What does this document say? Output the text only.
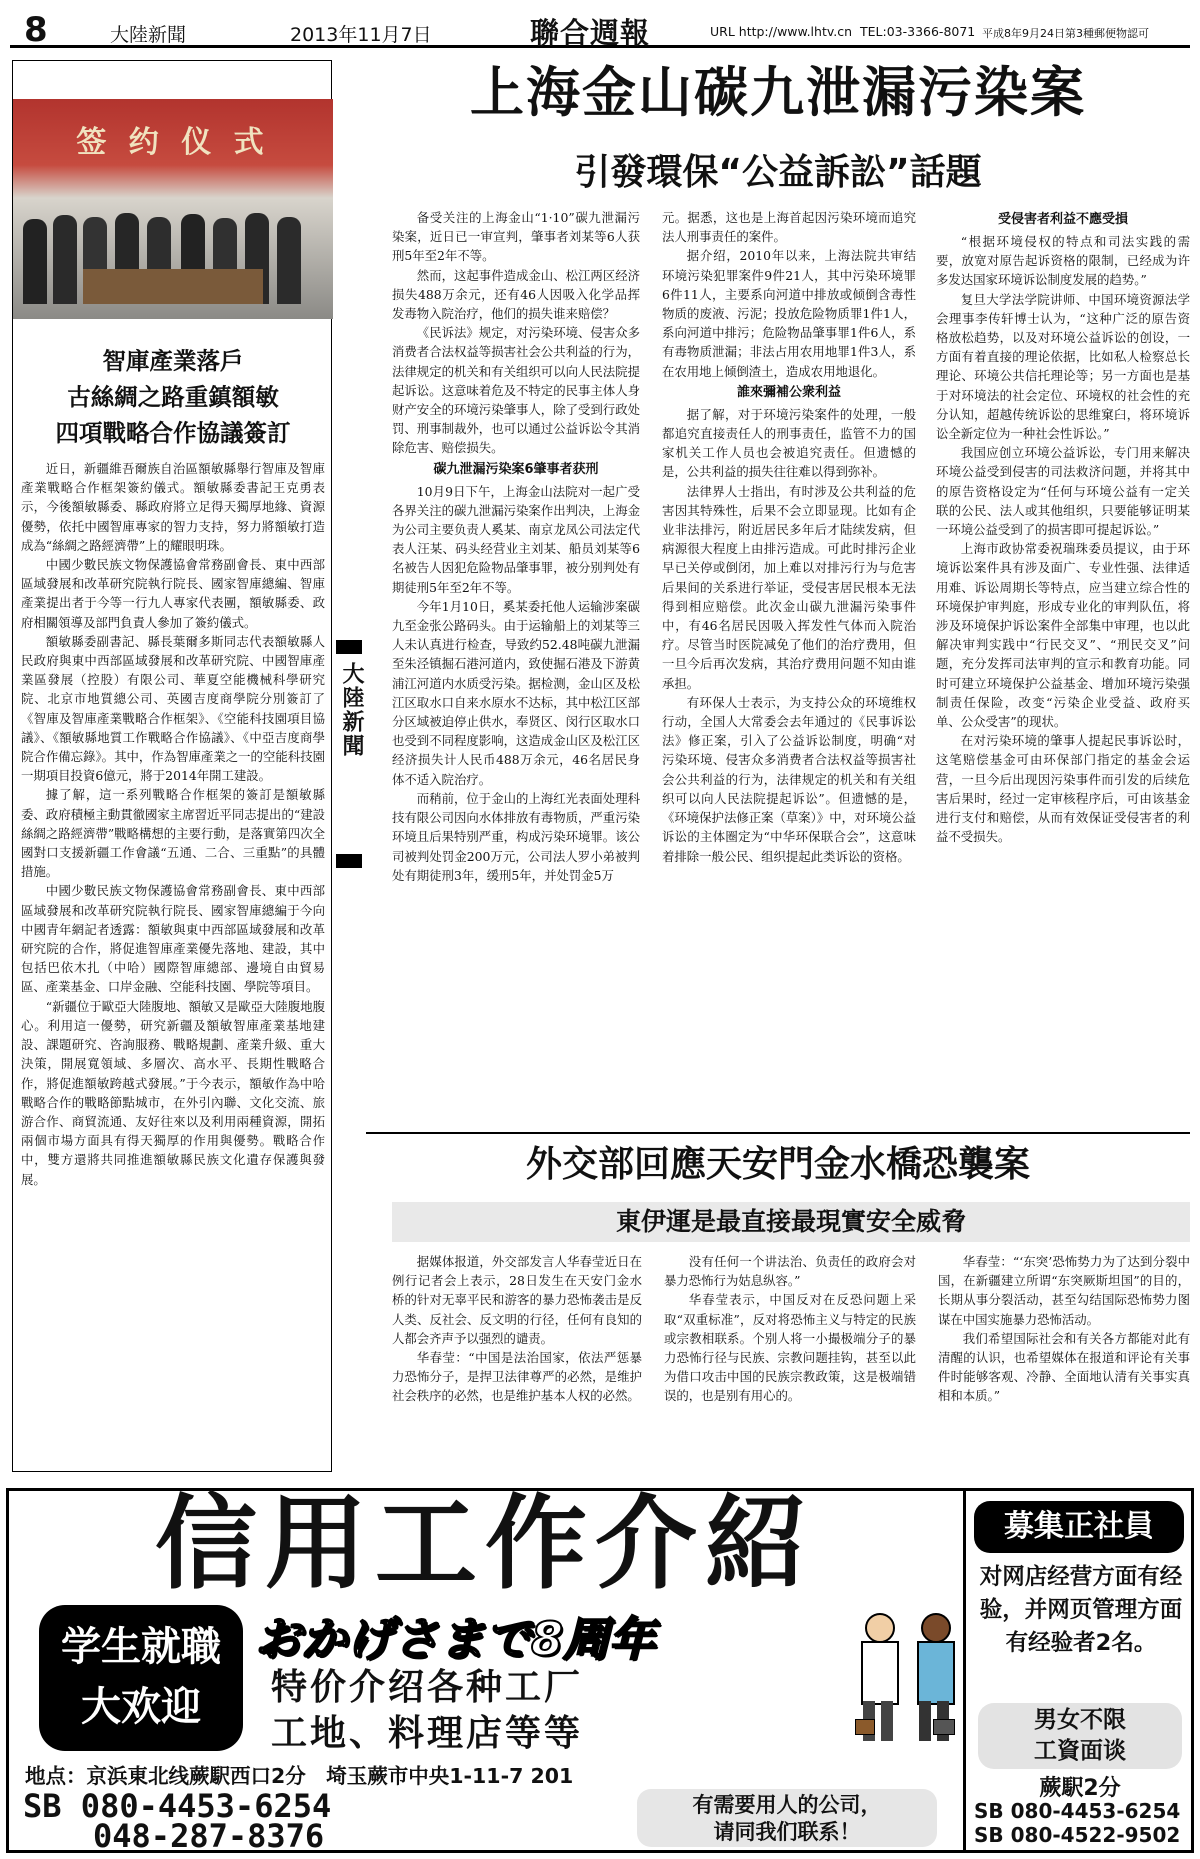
8	大陸新聞	2013年11月7日	聯合週報	URL http://www.lhtv.cn TEL:03-3366-8071 平成8年9月24日第3種郵便物認可
签 约 仪 式
智庫產業落戶
古絲綢之路重鎮額敏
四項戰略合作協議簽訂

近日，新疆維吾爾族自治區額敏縣舉行智庫及智庫產業戰略合作框架簽約儀式。額敏縣委書記王克勇表示，今後額敏縣委、縣政府將立足得天獨厚地緣、資源優勢，依托中國智庫專家的智力支持，努力將額敏打造成為“絲綢之路經濟帶”上的耀眼明珠。

中國少數民族文物保護協會常務副會長、東中西部區域發展和改革研究院執行院長、國家智庫總編、智庫產業提出者于今等一行九人專家代表團，額敏縣委、政府相關領導及部門負責人參加了簽約儀式。

額敏縣委副書記、縣長葉爾多斯同志代表額敏縣人民政府與東中西部區域發展和改革研究院、中國智庫產業區發展（控股）有限公司、華夏空能機械科學研究院、北京市地質總公司、英國吉度商學院分別簽訂了《智庫及智庫產業戰略合作框架》、《空能科技園項目協議》、《額敏縣地質工作戰略合作協議》、《中亞吉度商學院合作備忘錄》。其中，作為智庫產業之一的空能科技園一期項目投資6億元，將于2014年開工建設。

據了解，這一系列戰略合作框架的簽訂是額敏縣委、政府積極主動貫徹國家主席習近平同志提出的“建設絲綢之路經濟帶”戰略構想的主要行動，是落實第四次全國對口支援新疆工作會議“五通、二合、三重點”的具體措施。

中國少數民族文物保護協會常務副會長、東中西部區域發展和改革研究院執行院長、國家智庫總編于今向中國青年網記者透露：額敏與東中西部區域發展和改革研究院的合作，將促進智庫產業優先落地、建設，其中包括巴依木扎（中哈）國際智庫總部、邊境自由貿易區、產業基金、口岸金融、空能科技園、學院等項目。

“新疆位于歐亞大陸腹地、額敏又是歐亞大陸腹地腹心。利用這一優勢，研究新疆及額敏智庫產業基地建設、課題研究、咨詢服務、戰略規劃、產業升級、重大決策，開展寬領域、多層次、高水平、長期性戰略合作，將促進額敏跨越式發展。”于今表示，額敏作為中哈戰略合作的戰略節點城市，在外引內聯、文化交流、旅游合作、商貿流通、友好往來以及利用兩種資源，開拓兩個市場方面具有得天獨厚的作用與優勢。戰略合作中，雙方還將共同推進額敏縣民族文化遺存保護與發展。

大陸新聞
上海金山碳九泄漏污染案
引發環保“公益訴訟”話題

备受关注的上海金山“1·10”碳九泄漏污染案，近日已一审宣判，肇事者刘某等6人获刑5年至2年不等。

然而，这起事件造成金山、松江两区经济损失488万余元，还有46人因吸入化学品挥发毒物入院治疗，他们的损失谁来赔偿？

《民诉法》规定，对污染环境、侵害众多消费者合法权益等损害社会公共利益的行为，法律规定的机关和有关组织可以向人民法院提起诉讼。这意味着危及不特定的民事主体人身财产安全的环境污染肇事人，除了受到行政处罚、刑事制裁外，也可以通过公益诉讼令其消除危害、赔偿损失。

碳九泄漏污染案6肇事者获刑

10月9日下午，上海金山法院对一起广受各界关注的碳九泄漏污染案作出判决，上海金为公司主要负责人奚某、南京龙凤公司法定代表人汪某、码头经营业主刘某、船员刘某等6名被告人因犯危险物品肇事罪，被分别判处有期徒刑5年至2年不等。

今年1月10日，奚某委托他人运输涉案碳九至金张公路码头。由于运输船上的刘某等三人未认真进行检查，导致约52.48吨碳九泄漏至朱泾镇掘石港河道内，致使掘石港及下游黄浦江河道内水质受污染。据检测，金山区及松江区取水口自来水原水不达标，其中松江区部分区域被迫停止供水，奉贤区、闵行区取水口也受到不同程度影响，这造成金山区及松江区经济损失计人民币488万余元，46名居民身体不适入院治疗。

而稍前，位于金山的上海红光表面处理科技有限公司因向水体排放有毒物质，严重污染环境且后果特别严重，构成污染环境罪。该公司被判处罚金200万元，公司法人罗小弟被判处有期徒刑3年，缓刑5年，并处罚金5万

元。据悉，这也是上海首起因污染环境而追究法人刑事责任的案件。

据介绍，2010年以来，上海法院共审结环境污染犯罪案件9件21人，其中污染环境罪6件11人，主要系向河道中排放或倾倒含毒性物质的废液、污泥；投放危险物质罪1件1人，系向河道中排污；危险物品肇事罪1件6人，系有毒物质泄漏；非法占用农用地罪1件3人，系在农用地上倾倒渣土，造成农用地退化。

誰來彌補公衆利益

据了解，对于环境污染案件的处理，一般都追究直接责任人的刑事责任，监管不力的国家机关工作人员也会被追究责任。但遗憾的是，公共利益的损失往往难以得到弥补。

法律界人士指出，有时涉及公共利益的危害因其特殊性，后果不会立即显现。比如有企业非法排污，附近居民多年后才陆续发病，但病源很大程度上由排污造成。可此时排污企业早已关停或倒闭，加上难以对排污行为与危害后果间的关系进行举证，受侵害居民根本无法得到相应赔偿。此次金山碳九泄漏污染事件中，有46名居民因吸入挥发性气体而入院治疗。尽管当时医院减免了他们的治疗费用，但一旦今后再次发病，其治疗费用问题不知由谁承担。

有环保人士表示，为支持公众的环境维权行动，全国人大常委会去年通过的《民事诉讼法》修正案，引入了公益诉讼制度，明确“对污染环境、侵害众多消费者合法权益等损害社会公共利益的行为，法律规定的机关和有关组织可以向人民法院提起诉讼”。但遗憾的是，《环境保护法修正案（草案）》中，对环境公益诉讼的主体圈定为“中华环保联合会”，这意味着排除一般公民、组织提起此类诉讼的资格。

受侵害者利益不應受損

“根据环境侵权的特点和司法实践的需要，放宽对原告起诉资格的限制，已经成为许多发达国家环境诉讼制度发展的趋势。”

复旦大学法学院讲师、中国环境资源法学会理事李传轩博士认为，“这种广泛的原告资格放松趋势，以及对环境公益诉讼的创设，一方面有着直接的理论依据，比如私人检察总长理论、环境公共信托理论等；另一方面也是基于对环境法的社会定位、环境权的社会性的充分认知，超越传统诉讼的思维窠臼，将环境诉讼全新定位为一种社会性诉讼。”

我国应创立环境公益诉讼，专门用来解决环境公益受到侵害的司法救济问题，并将其中的原告资格设定为“任何与环境公益有一定关联的公民、法人或其他组织，只要能够证明某一环境公益受到了的损害即可提起诉讼。”

上海市政协常委祝瑞珠委员提议，由于环境诉讼案件具有涉及面广、专业性强、法律适用难、诉讼周期长等特点，应当建立综合性的环境保护审判庭，形成专业化的审判队伍，将涉及环境保护诉讼案件全部集中审理，也以此解决审判实践中“行民交叉”、“刑民交叉”问题，充分发挥司法审判的宣示和教育功能。同时可建立环境保护公益基金、增加环境污染强制责任保险，改变“污染企业受益、政府买单、公众受害”的现状。

在对污染环境的肇事人提起民事诉讼时，这笔赔偿基金可由环保部门指定的基金会运营，一旦今后出现因污染事件而引发的后续危害后果时，经过一定审核程序后，可由该基金进行支付和赔偿，从而有效保证受侵害者的利益不受损失。

外交部回應天安門金水橋恐襲案
東伊運是最直接最現實安全威脅

据媒体报道，外交部发言人华春莹近日在例行记者会上表示，28日发生在天安门金水桥的针对无辜平民和游客的暴力恐怖袭击是反人类、反社会、反文明的行径，任何有良知的人都会齐声予以强烈的谴责。

华春莹：“中国是法治国家，依法严惩暴力恐怖分子，是捍卫法律尊严的必然，是维护社会秩序的必然，也是维护基本人权的必然。

没有任何一个讲法治、负责任的政府会对暴力恐怖行为姑息纵容。”

华春莹表示，中国反对在反恐问题上采取“双重标准”，反对将恐怖主义与特定的民族或宗教相联系。个别人将一小撮极端分子的暴力恐怖行径与民族、宗教问题挂钩，甚至以此为借口攻击中国的民族宗教政策，这是极端错误的，也是别有用心的。

华春莹：“‘东突’恐怖势力为了达到分裂中国，在新疆建立所谓“东突厥斯坦国”的目的，长期从事分裂活动，甚至勾结国际恐怖势力图谋在中国实施暴力恐怖活动。

我们希望国际社会和有关各方都能对此有清醒的认识，也希望媒体在报道和评论有关事件时能够客观、冷静、全面地认清有关事实真相和本质。”

信用工作介紹
学生就職
大欢迎
おかげさまで8周年
特价介绍各种工厂
工地、料理店等等
地点：京浜東北线蕨駅西口2分　埼玉蕨市中央1-11-7 201
SB 080-4453-6254
048-287-8376
有需要用人的公司，
请同我们联系！
募集正社員
对网店经营方面有经验，并网页管理方面有经验者2名。
男女不限
工資面谈
蕨駅2分
SB 080-4453-6254
SB 080-4522-9502
